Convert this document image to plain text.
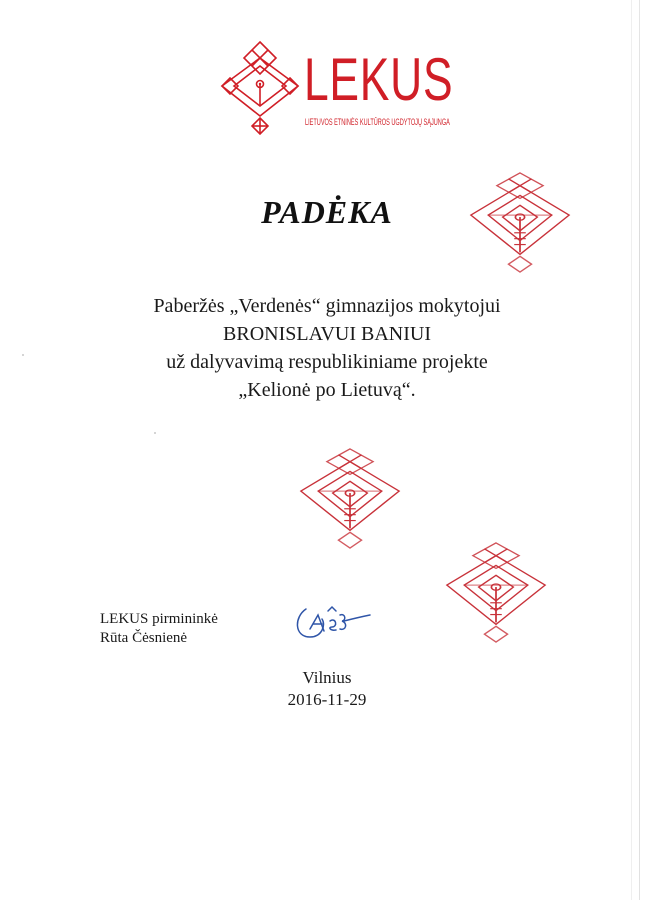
LEKUS
LIETUVOS ETNINĖS KULTŪROS UGDYTOJŲ SĄJUNGA
PADĖKA
Paberžės „Verdenės“ gimnazijos mokytojui
BRONISLAVUI BANIUI
už dalyvavimą respublikiniame projekte
„Kelionė po Lietuvą“.
LEKUS pirmininkė
Rūta Čėsnienė
Vilnius
2016-11-29
